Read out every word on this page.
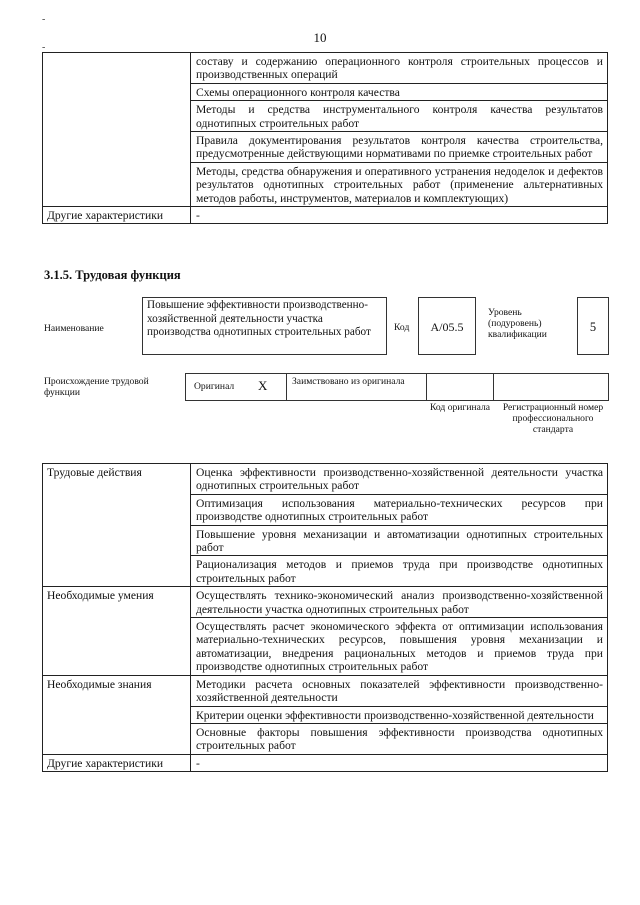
-
-
10
	составу и содержанию операционного контроля строительных процессов и производственных операций
	Схемы операционного контроля качества
	Методы и средства инструментального контроля качества результатов однотипных строительных работ
	Правила документирования результатов контроля качества строительства, предусмотренные действующими нормативами по приемке строительных работ
	Методы, средства обнаружения и оперативного устранения недоделок и дефектов результатов однотипных строительных работ (применение альтернативных методов работы, инструментов, материалов и комплектующих)
Другие характеристики	-
3.1.5. Трудовая функция
Наименование
Повышение эффективности производственно-хозяйственной деятельности участка производства однотипных строительных работ	Код	А/05.5
Уровень (подуровень) квалификации
5
Происхождение трудовой функции
Оригинал X	Заимствовано из оригинала
Код оригинала	Регистрационный номер профессионального стандарта
Трудовые действия	Оценка эффективности производственно-хозяйственной деятельности участка однотипных строительных работ
	Оптимизация использования материально-технических ресурсов при производстве однотипных строительных работ
	Повышение уровня механизации и автоматизации однотипных строительных работ
	Рационализация методов и приемов труда при производстве однотипных строительных работ
Необходимые умения	Осуществлять технико-экономический анализ производственно-хозяйственной деятельности участка однотипных строительных работ
	Осуществлять расчет экономического эффекта от оптимизации использования материально-технических ресурсов, повышения уровня механизации и автоматизации, внедрения рациональных методов и приемов труда при производстве однотипных строительных работ
Необходимые знания	Методики расчета основных показателей эффективности производственно-хозяйственной деятельности
	Критерии оценки эффективности производственно-хозяйственной деятельности
	Основные факторы повышения эффективности производства однотипных строительных работ
Другие характеристики	-
